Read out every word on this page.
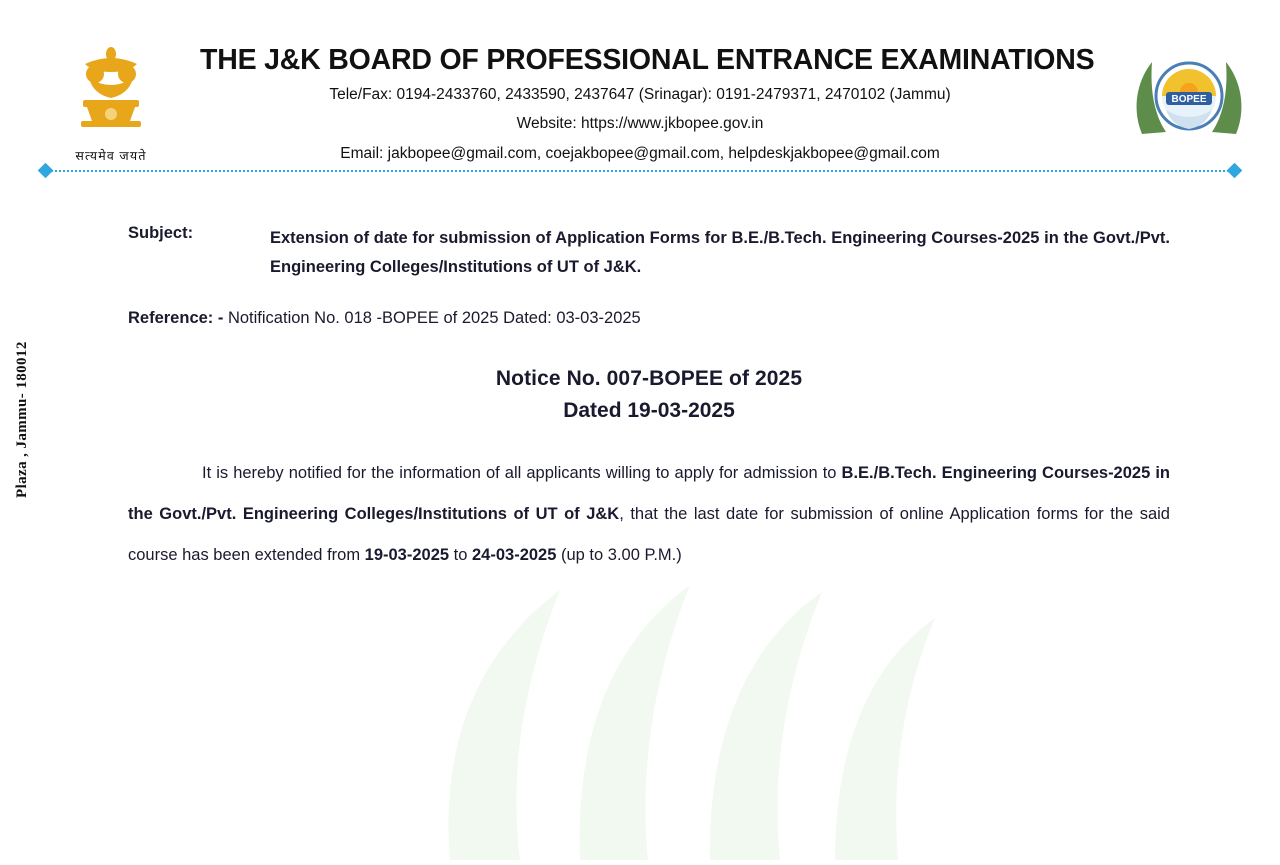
Plaza , Jammu- 180012
सत्यमेव जयते
THE J&K BOARD OF PROFESSIONAL ENTRANCE EXAMINATIONS
Tele/Fax: 0194-2433760, 2433590, 2437647 (Srinagar): 0191-2479371, 2470102 (Jammu)
Website: https://www.jkbopee.gov.in
Email: jakbopee@gmail.com, coejakbopee@gmail.com, helpdeskjakbopee@gmail.com
BOPEE
Subject:	Extension of date for submission of Application Forms for B.E./B.Tech. Engineering Courses-2025 in the Govt./Pvt. Engineering Colleges/Institutions of UT of J&K.
Reference: - Notification No. 018 -BOPEE of 2025 Dated: 03-03-2025
Notice No. 007-BOPEE of 2025
Dated 19-03-2025
It is hereby notified for the information of all applicants willing to apply for admission to B.E./B.Tech. Engineering Courses-2025 in the Govt./Pvt. Engineering Colleges/Institutions of UT of J&K, that the last date for submission of online Application forms for the said course has been extended from 19-03-2025 to 24-03-2025 (up to 3.00 P.M.)
